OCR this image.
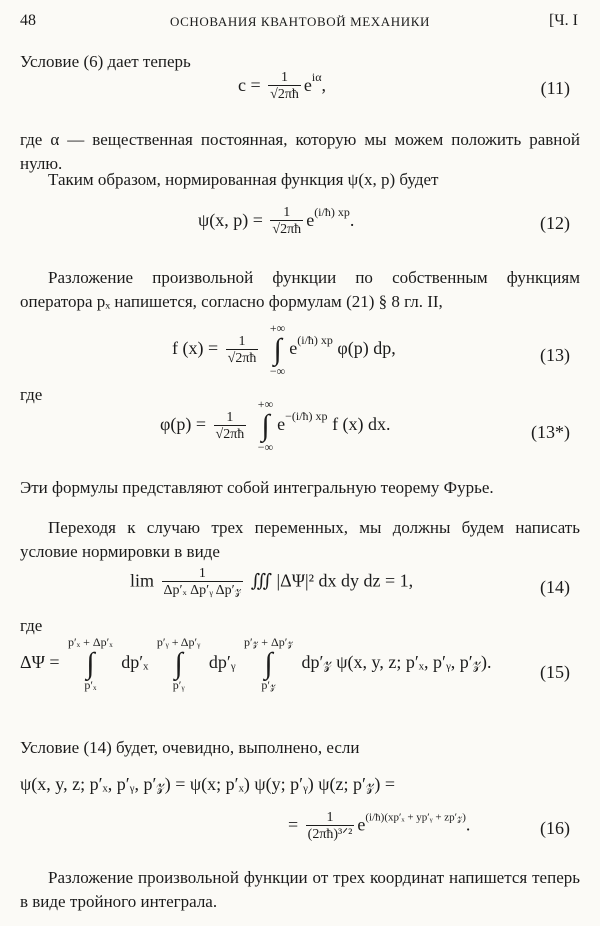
48	ОСНОВАНИЯ КВАНТОВОЙ МЕХАНИКИ	[Ч. I
Условие (6) дает теперь
$c = \frac{1}{√2\pi ħ} e^{i\alpha}$,	(11)
где α — вещественная постоянная, которую мы можем положить равной нулю.
Таким образом, нормированная функция ψ(x, p) будет
ψ(x, $p) = \frac{1}{√2\pi ħ} e^{(i/ħ) xp}$.	(12)
Разложение произвольной функции по собственным функциям оператора pₓ напишется, согласно формулам (21) § 8 гл. II,
f $(x) = \frac{1}{√2\pi ħ}$

+∞
∫
−∞
$e^{(i/ħ) xp}$ φ(p) dp,	(13)
где
$\varphi(p) = \frac{1}{√2\pi ħ}$

+∞
∫
−∞
$e^{-(i/ħ) xp}$ f (x) dx.	(13*)
Эти формулы представляют собой интегральную теорему Фурье.
Переходя к случаю трех переменных, мы должны будем написать условие нормировки в виде
$\lim \frac{1}{\text{Δp′ₓ Δp′ᵧ Δp′𝓏}}$ ∭ |ΔΨ|² dx dy dz = 1,	(14)
где
ΔΨ =
p′ₓ + Δp′ₓ
∫
p′ₓ
dp′ₓ
p′ᵧ + Δp′ᵧ
∫
p′ᵧ
dp′ᵧ
p′𝓏 + Δp′𝓏
∫
p′𝓏
dp′𝓏 ψ(x, y, z; p′ₓ, p′ᵧ, p′𝓏).	(15)
Условие (14) будет, очевидно, выполнено, если
ψ(x, y, z; p′ₓ, p′ᵧ, p′𝓏) = ψ(x; p′ₓ) ψ(y; p′ᵧ) ψ(z; p′𝓏) =
= $\frac{1}{\text{(2πħ)³ᐟ²}} e^{(i/ħ)(xp'_x + yp'ᵧ + zp'𝓏)}$.	(16)
Разложение произвольной функции от трех координат напишется теперь в виде тройного интеграла.
